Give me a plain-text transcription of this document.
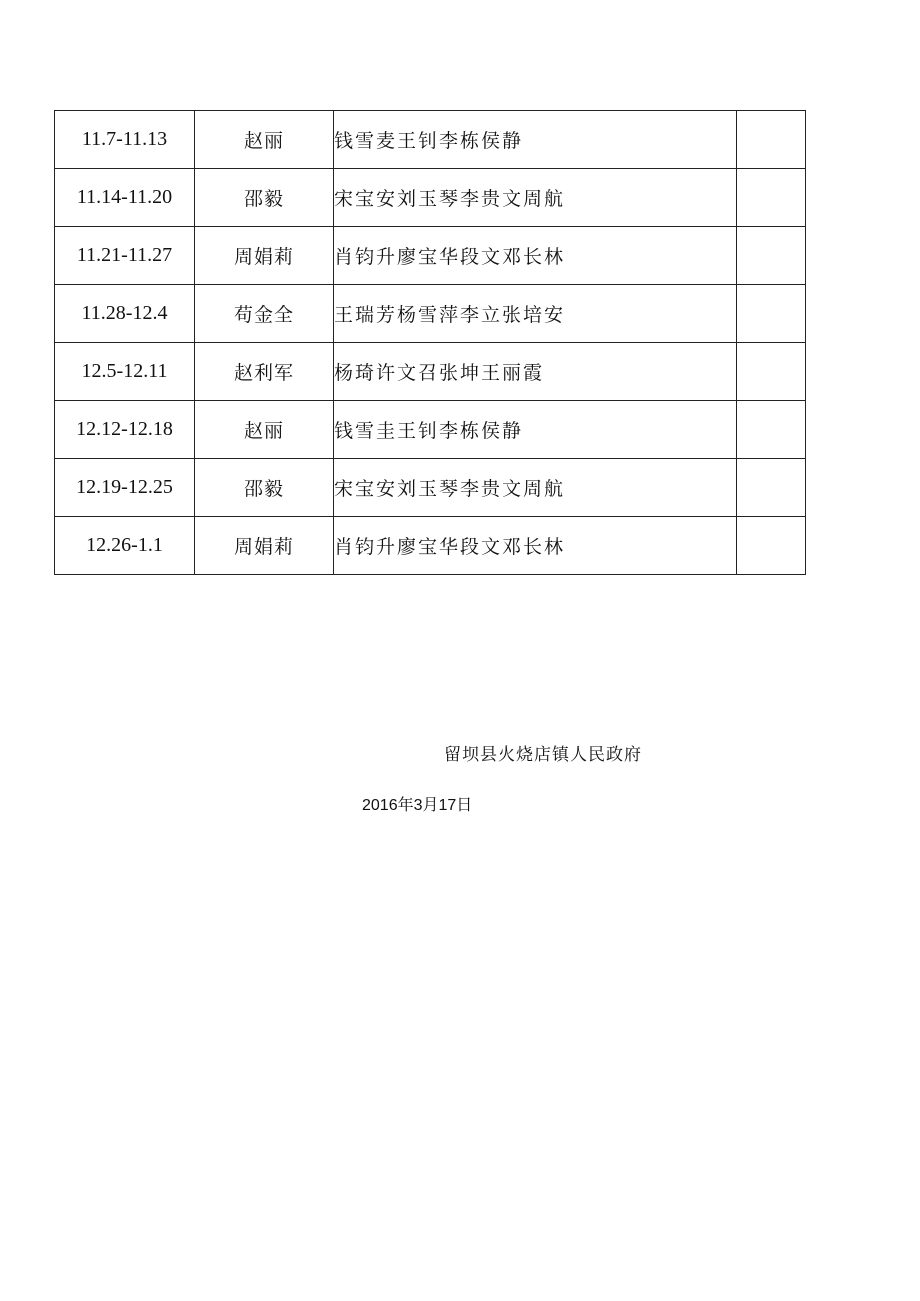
11.7-11.13	赵丽	钱雪麦王钊李栋侯静	
11.14-11.20	邵毅	宋宝安刘玉琴李贵文周航	
11.21-11.27	周娟莉	肖钧升廖宝华段文邓长林	
11.28-12.4	苟金全	王瑞芳杨雪萍李立张培安	
12.5-12.11	赵利军	杨琦许文召张坤王丽霞	
12.12-12.18	赵丽	钱雪圭王钊李栋侯静	
12.19-12.25	邵毅	宋宝安刘玉琴李贵文周航	
12.26-1.1	周娟莉	肖钧升廖宝华段文邓长林	
留坝县火烧店镇人民政府
2016年3月17日
